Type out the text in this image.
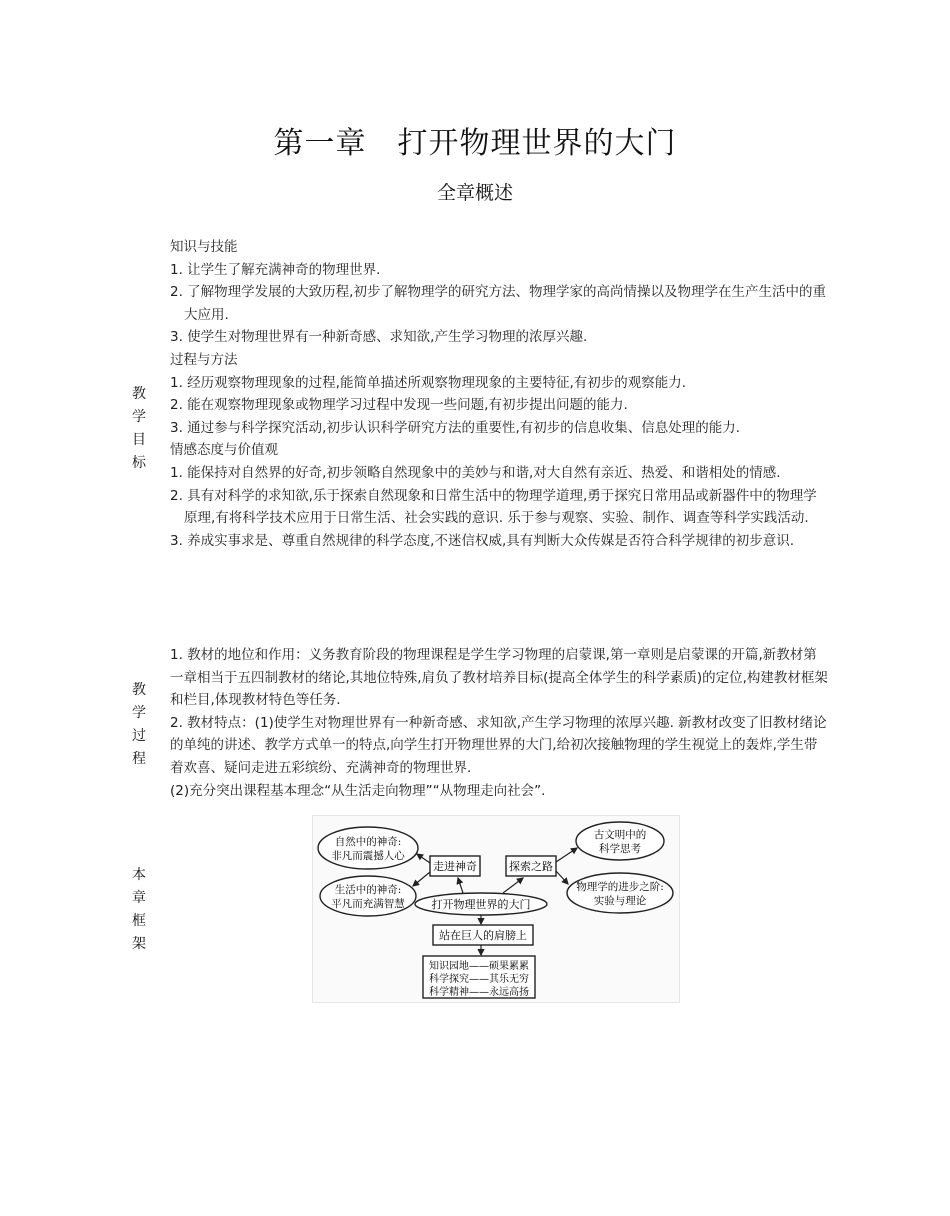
第一章　打开物理世界的大门
全章概述
教
学
目
标

知识与技能

1. 让学生了解充满神奇的物理世界.

2. 了解物理学发展的大致历程,初步了解物理学的研究方法、物理学家的高尚情操以及物理学在生产生活中的重大应用.

3. 使学生对物理世界有一种新奇感、求知欲,产生学习物理的浓厚兴趣.

过程与方法

1. 经历观察物理现象的过程,能简单描述所观察物理现象的主要特征,有初步的观察能力.

2. 能在观察物理现象或物理学习过程中发现一些问题,有初步提出问题的能力.

3. 通过参与科学探究活动,初步认识科学研究方法的重要性,有初步的信息收集、信息处理的能力.

情感态度与价值观

1. 能保持对自然界的好奇,初步领略自然现象中的美妙与和谐,对大自然有亲近、热爱、和谐相处的情感.

2. 具有对科学的求知欲,乐于探索自然现象和日常生活中的物理学道理,勇于探究日常用品或新器件中的物理学原理,有将科学技术应用于日常生活、社会实践的意识. 乐于参与观察、实验、制作、调查等科学实践活动.

3. 养成实事求是、尊重自然规律的科学态度,不迷信权威,具有判断大众传媒是否符合科学规律的初步意识.

教
学
过
程

1. 教材的地位和作用：义务教育阶段的物理课程是学生学习物理的启蒙课,第一章则是启蒙课的开篇,新教材第一章相当于五四制教材的绪论,其地位特殊,肩负了教材培养目标(提高全体学生的科学素质)的定位,构建教材框架和栏目,体现教材特色等任务.

2. 教材特点：(1)使学生对物理世界有一种新奇感、求知欲,产生学习物理的浓厚兴趣. 新教材改变了旧教材绪论的单纯的讲述、教学方式单一的特点,向学生打开物理世界的大门,给初次接触物理的学生视觉上的轰炸,学生带着欢喜、疑问走进五彩缤纷、充满神奇的物理世界.

(2)充分突出课程基本理念“从生活走向物理”“从物理走向社会”.

本
章
框
架
自然中的神奇:
非凡而震撼人心
生活中的神奇:
平凡而充满智慧
古文明中的
科学思考
物理学的进步之阶:
实验与理论
走进神奇	探索之路
打开物理世界的大门
站在巨人的肩膀上
知识园地——硕果累累
科学探究——其乐无穷
科学精神——永远高扬
